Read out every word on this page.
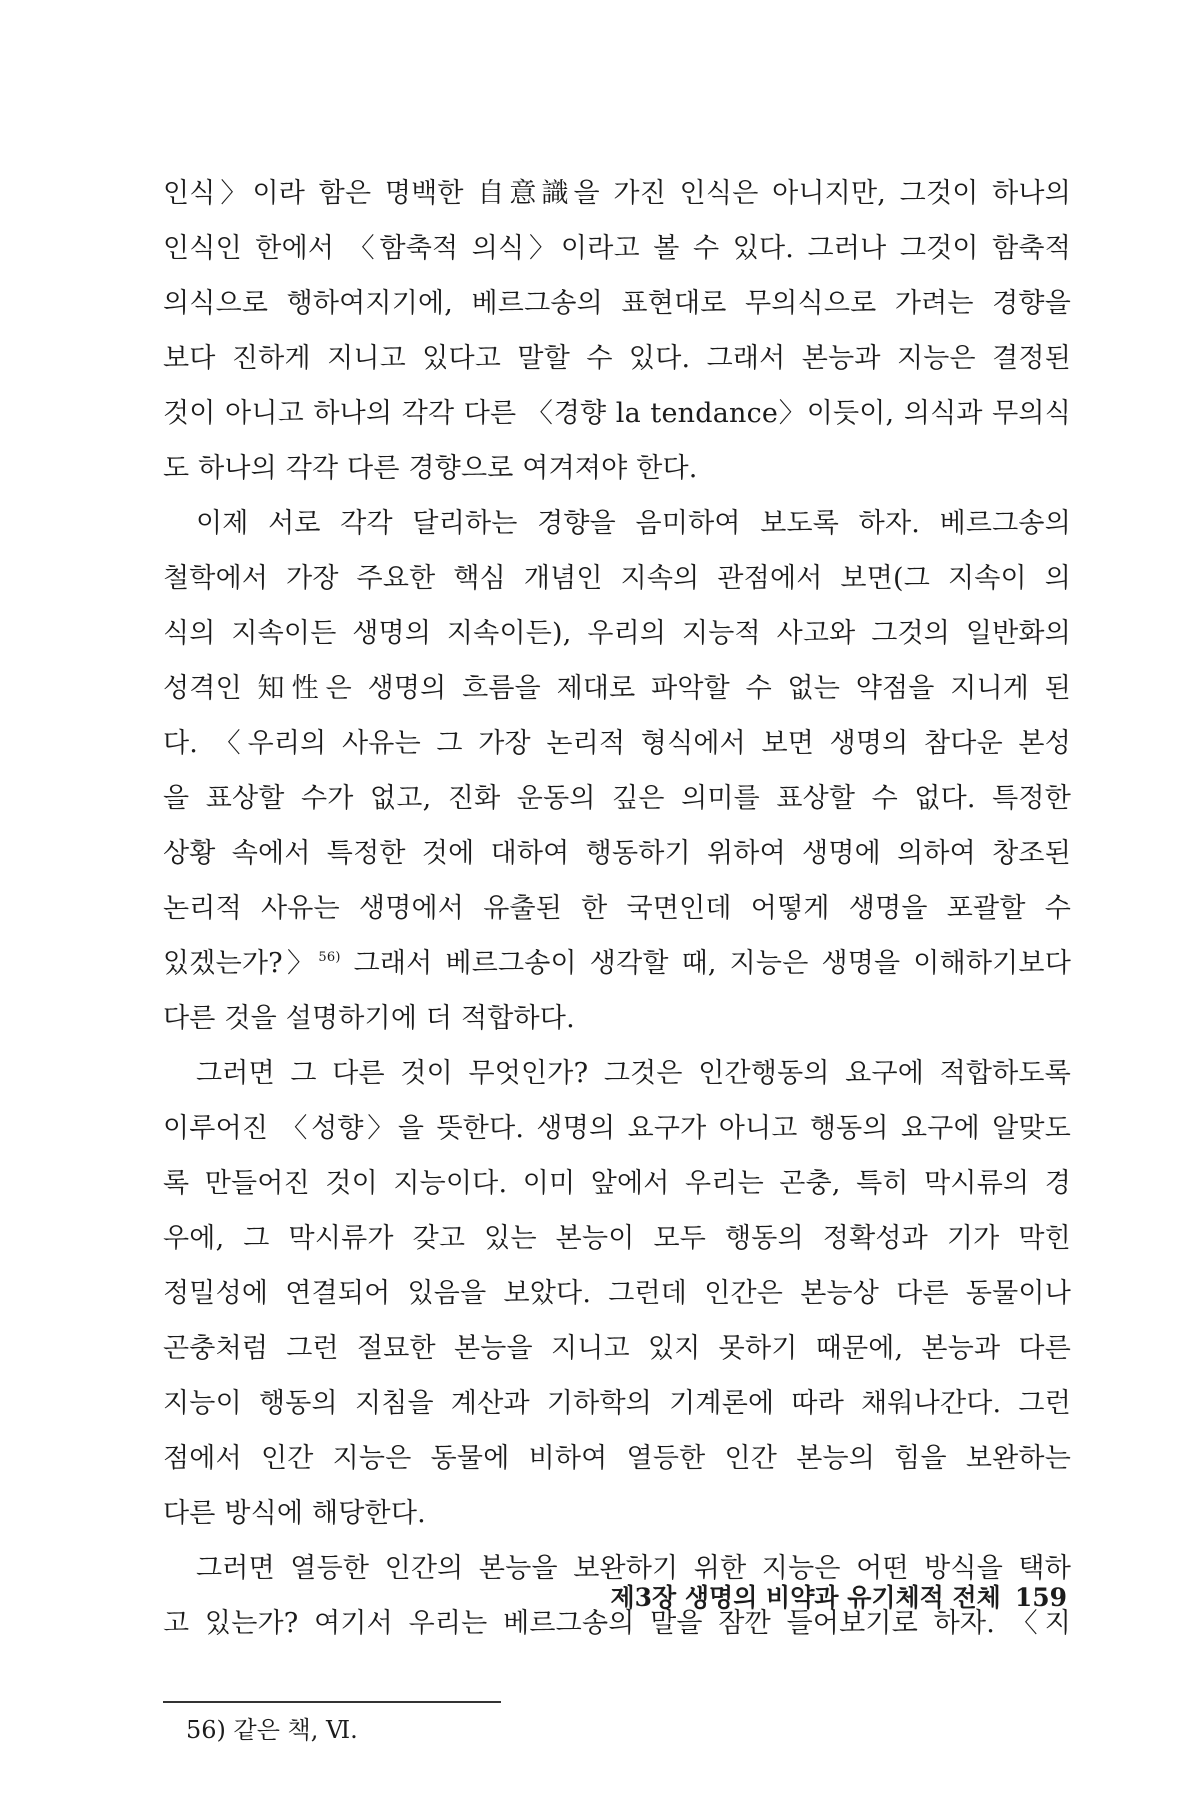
인식〉이라 함은 명백한 自意識을 가진 인식은 아니지만, 그것이 하나의
인식인 한에서 〈함축적 의식〉이라고 볼 수 있다. 그러나 그것이 함축적
의식으로 행하여지기에, 베르그송의 표현대로 무의식으로 가려는 경향을
보다 진하게 지니고 있다고 말할 수 있다. 그래서 본능과 지능은 결정된
것이 아니고 하나의 각각 다른 〈경향 la tendance〉이듯이, 의식과 무의식
도 하나의 각각 다른 경향으로 여겨져야 한다.
이제 서로 각각 달리하는 경향을 음미하여 보도록 하자. 베르그송의
철학에서 가장 주요한 핵심 개념인 지속의 관점에서 보면(그 지속이 의
식의 지속이든 생명의 지속이든), 우리의 지능적 사고와 그것의 일반화의
성격인 知性은 생명의 흐름을 제대로 파악할 수 없는 약점을 지니게 된
다. 〈우리의 사유는 그 가장 논리적 형식에서 보면 생명의 참다운 본성
을 표상할 수가 없고, 진화 운동의 깊은 의미를 표상할 수 없다. 특정한
상황 속에서 특정한 것에 대하여 행동하기 위하여 생명에 의하여 창조된
논리적 사유는 생명에서 유출된 한 국면인데 어떻게 생명을 포괄할 수
있겠는가?〉$^{56)}$ 그래서 베르그송이 생각할 때, 지능은 생명을 이해하기보다
다른 것을 설명하기에 더 적합하다.
그러면 그 다른 것이 무엇인가? 그것은 인간행동의 요구에 적합하도록
이루어진 〈성향〉을 뜻한다. 생명의 요구가 아니고 행동의 요구에 알맞도
록 만들어진 것이 지능이다. 이미 앞에서 우리는 곤충, 특히 막시류의 경
우에, 그 막시류가 갖고 있는 본능이 모두 행동의 정확성과 기가 막힌
정밀성에 연결되어 있음을 보았다. 그런데 인간은 본능상 다른 동물이나
곤충처럼 그런 절묘한 본능을 지니고 있지 못하기 때문에, 본능과 다른
지능이 행동의 지침을 계산과 기하학의 기계론에 따라 채워나간다. 그런
점에서 인간 지능은 동물에 비하여 열등한 인간 본능의 힘을 보완하는
다른 방식에 해당한다.
그러면 열등한 인간의 본능을 보완하기 위한 지능은 어떤 방식을 택하
고 있는가? 여기서 우리는 베르그송의 말을 잠깐 들어보기로 하자. 〈지
56) 같은 책, Ⅵ.
제3장 생명의 비약과 유기체적 전체 159
